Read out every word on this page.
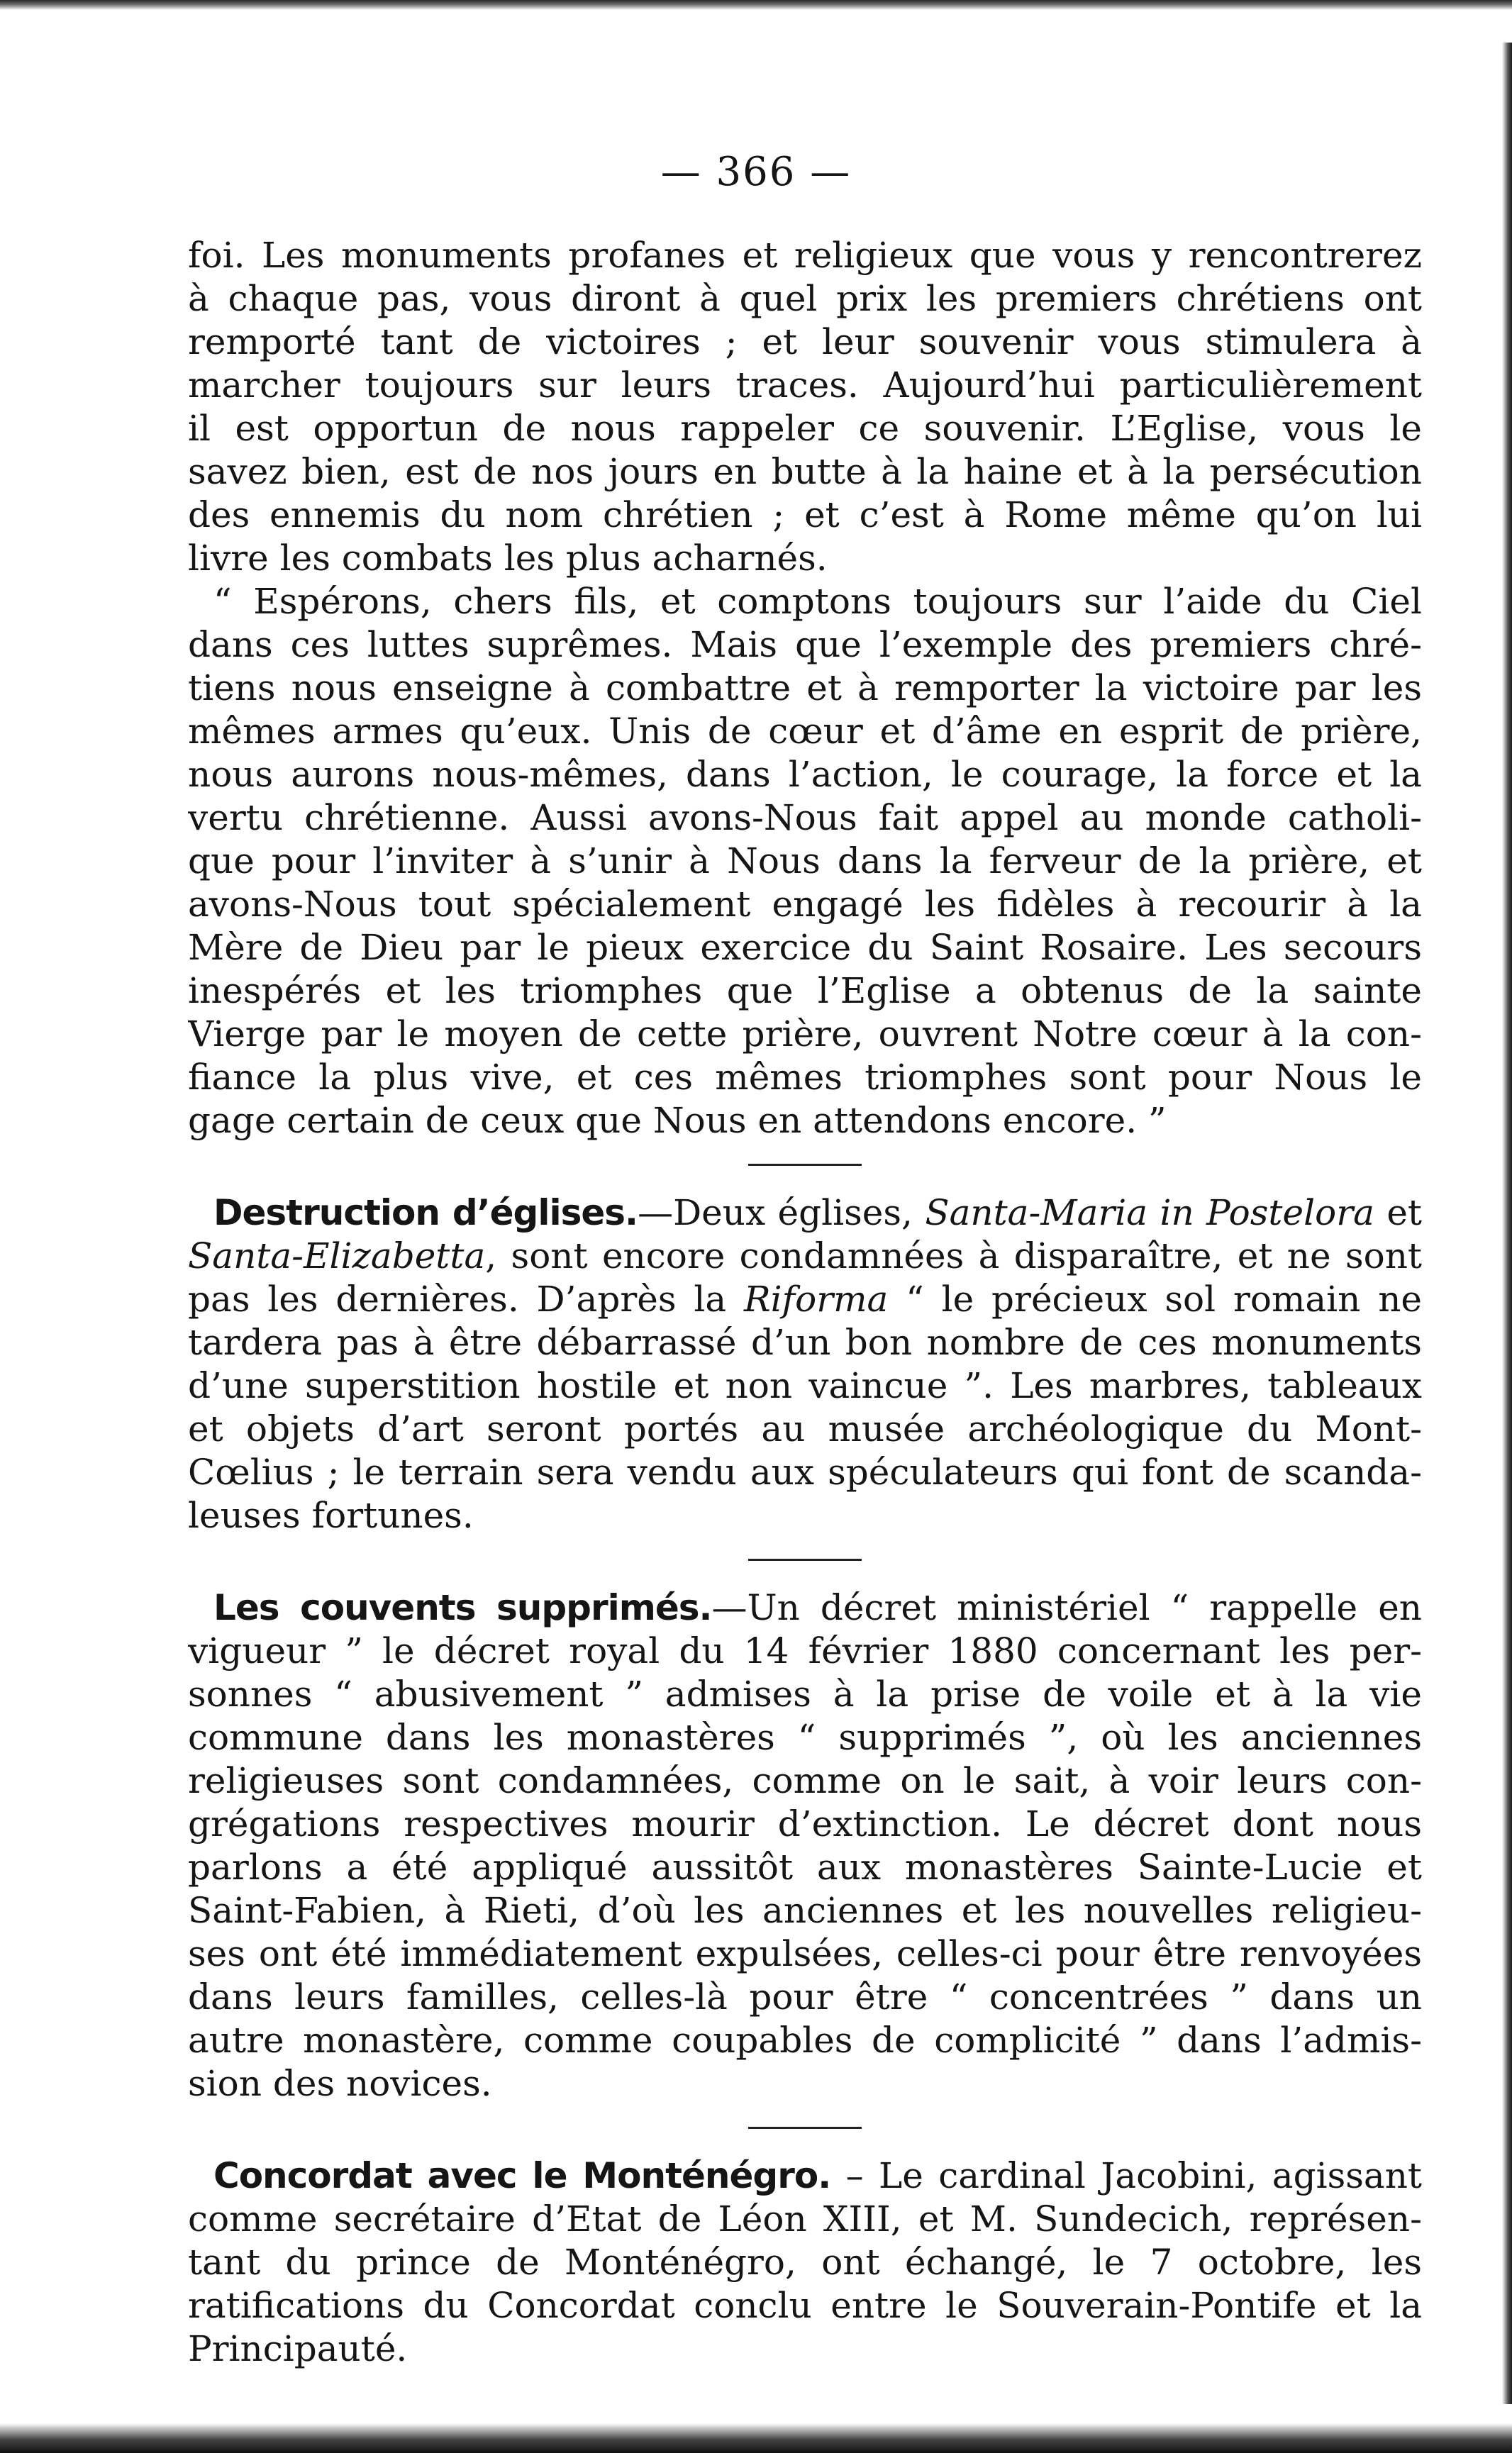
— 366 —
foi. Les monuments profanes et religieux que vous y rencontrerez
à chaque pas, vous diront à quel prix les premiers chrétiens ont
remporté tant de victoires ; et leur souvenir vous stimulera à
marcher toujours sur leurs traces. Aujourd’hui particulièrement
il est opportun de nous rappeler ce souvenir. L’Eglise, vous le
savez bien, est de nos jours en butte à la haine et à la persécution
des ennemis du nom chrétien ; et c’est à Rome même qu’on lui
livre les combats les plus acharnés.
“ Espérons, chers fils, et comptons toujours sur l’aide du Ciel
dans ces luttes suprêmes. Mais que l’exemple des premiers chré-
tiens nous enseigne à combattre et à remporter la victoire par les
mêmes armes qu’eux. Unis de cœur et d’âme en esprit de prière,
nous aurons nous-mêmes, dans l’action, le courage, la force et la
vertu chrétienne. Aussi avons-Nous fait appel au monde catholi-
que pour l’inviter à s’unir à Nous dans la ferveur de la prière, et
avons-Nous tout spécialement engagé les fidèles à recourir à la
Mère de Dieu par le pieux exercice du Saint Rosaire. Les secours
inespérés et les triomphes que l’Eglise a obtenus de la sainte
Vierge par le moyen de cette prière, ouvrent Notre cœur à la con-
fiance la plus vive, et ces mêmes triomphes sont pour Nous le
gage certain de ceux que Nous en attendons encore. ”
Destruction d’églises.—Deux églises, Santa-Maria in Postelora et
Santa-Elizabetta, sont encore condamnées à disparaître, et ne sont
pas les dernières. D’après la Riforma “ le précieux sol romain ne
tardera pas à être débarrassé d’un bon nombre de ces monuments
d’une superstition hostile et non vaincue ”. Les marbres, tableaux
et objets d’art seront portés au musée archéologique du Mont-
Cœlius ; le terrain sera vendu aux spéculateurs qui font de scanda-
leuses fortunes.
Les couvents supprimés.—Un décret ministériel “ rappelle en
vigueur ” le décret royal du 14 février 1880 concernant les per-
sonnes “ abusivement ” admises à la prise de voile et à la vie
commune dans les monastères “ supprimés ”, où les anciennes
religieuses sont condamnées, comme on le sait, à voir leurs con-
grégations respectives mourir d’extinction. Le décret dont nous
parlons a été appliqué aussitôt aux monastères Sainte-Lucie et
Saint-Fabien, à Rieti, d’où les anciennes et les nouvelles religieu-
ses ont été immédiatement expulsées, celles-ci pour être renvoyées
dans leurs familles, celles-là pour être “ concentrées ” dans un
autre monastère, comme coupables de complicité ” dans l’admis-
sion des novices.
Concordat avec le Monténégro. – Le cardinal Jacobini, agissant
comme secrétaire d’Etat de Léon XIII, et M. Sundecich, représen-
tant du prince de Monténégro, ont échangé, le 7 octobre, les
ratifications du Concordat conclu entre le Souverain-Pontife et la
Principauté.
